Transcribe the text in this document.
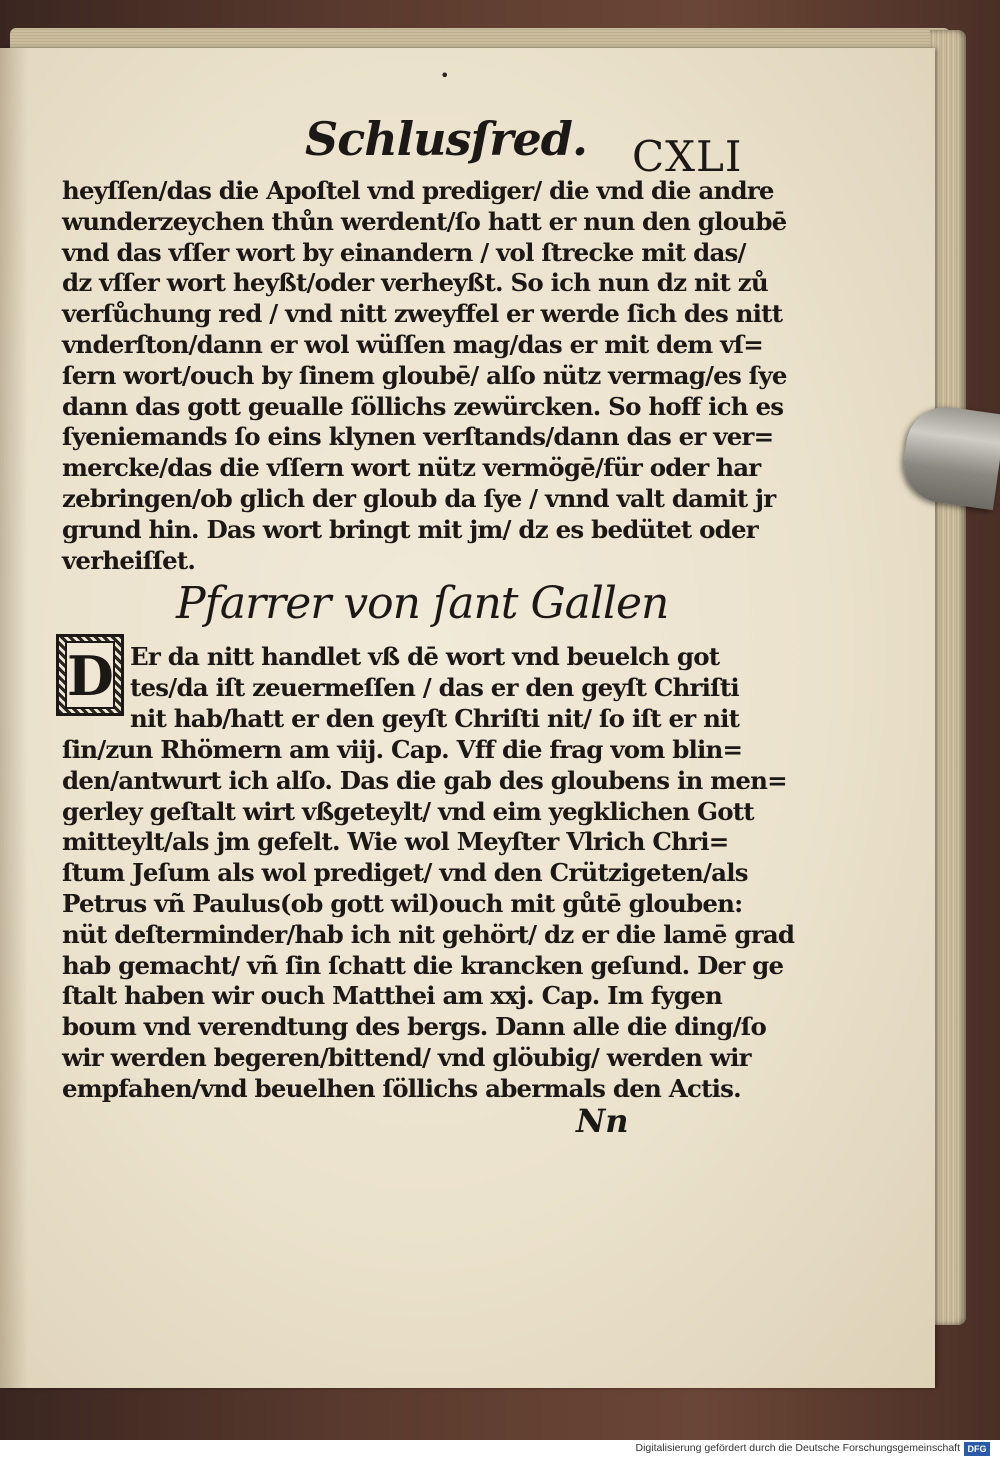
•
Schlusſred. CXLI
heyſſen/das die Apoſtel vnd prediger/ die vnd die andre
wunderzeychen thůn werdent/ſo hatt er nun den gloubē
vnd das vſſer wort by einandern / vol ſtrecke mit das/
dz vſſer wort heyßt/oder verheyßt. So ich nun dz nit zů
verſůchung red / vnd nitt zweyffel er werde ſich des nitt
vnderſton/dann er wol wüſſen mag/das er mit dem vſ=
ſern wort/ouch by ſinem gloubē/ alſo nütz vermag/es ſye
dann das gott geualle ſöllichs zewürcken. So hoff ich es
ſyeniemands ſo eins klynen verſtands/dann das er ver=
mercke/das die vſſern wort nütz vermögē/für oder har
zebringen/ob glich der gloub da ſye / vnnd valt damit jr
grund hin. Das wort bringt mit jm/ dz es bedütet oder
verheiſſet.
Pfarrer von ſant Gallen
D Er da nitt handlet vß dē wort vnd beuelch got
tes/da iſt zeuermeſſen / das er den geyſt Chriſti
nit hab/hatt er den geyſt Chriſti nit/ ſo iſt er nit
ſin/zun Rhömern am viij. Cap. Vff die frag vom blin=
den/antwurt ich alſo. Das die gab des gloubens in men=
gerley geſtalt wirt vßgeteylt/ vnd eim yegklichen Gott
mitteylt/als jm gefelt. Wie wol Meyſter Vlrich Chri=
ſtum Jeſum als wol prediget/ vnd den Crützigeten/als
Petrus vñ Paulus(ob gott wil)ouch mit gůtē glouben:
nüt deſterminder/hab ich nit gehört/ dz er die lamē grad
hab gemacht/ vñ ſin ſchatt die krancken geſund. Der ge
ſtalt haben wir ouch Matthei am xxj. Cap. Im fygen
boum vnd verendtung des bergs. Dann alle die ding/ſo
wir werden begeren/bittend/ vnd glöubig/ werden wir
empfahen/vnd beuelhen ſöllichs abermals den Actis.
Nn
Digitalisierung gefördert durch die Deutsche Forschungsgemeinschaft DFG
